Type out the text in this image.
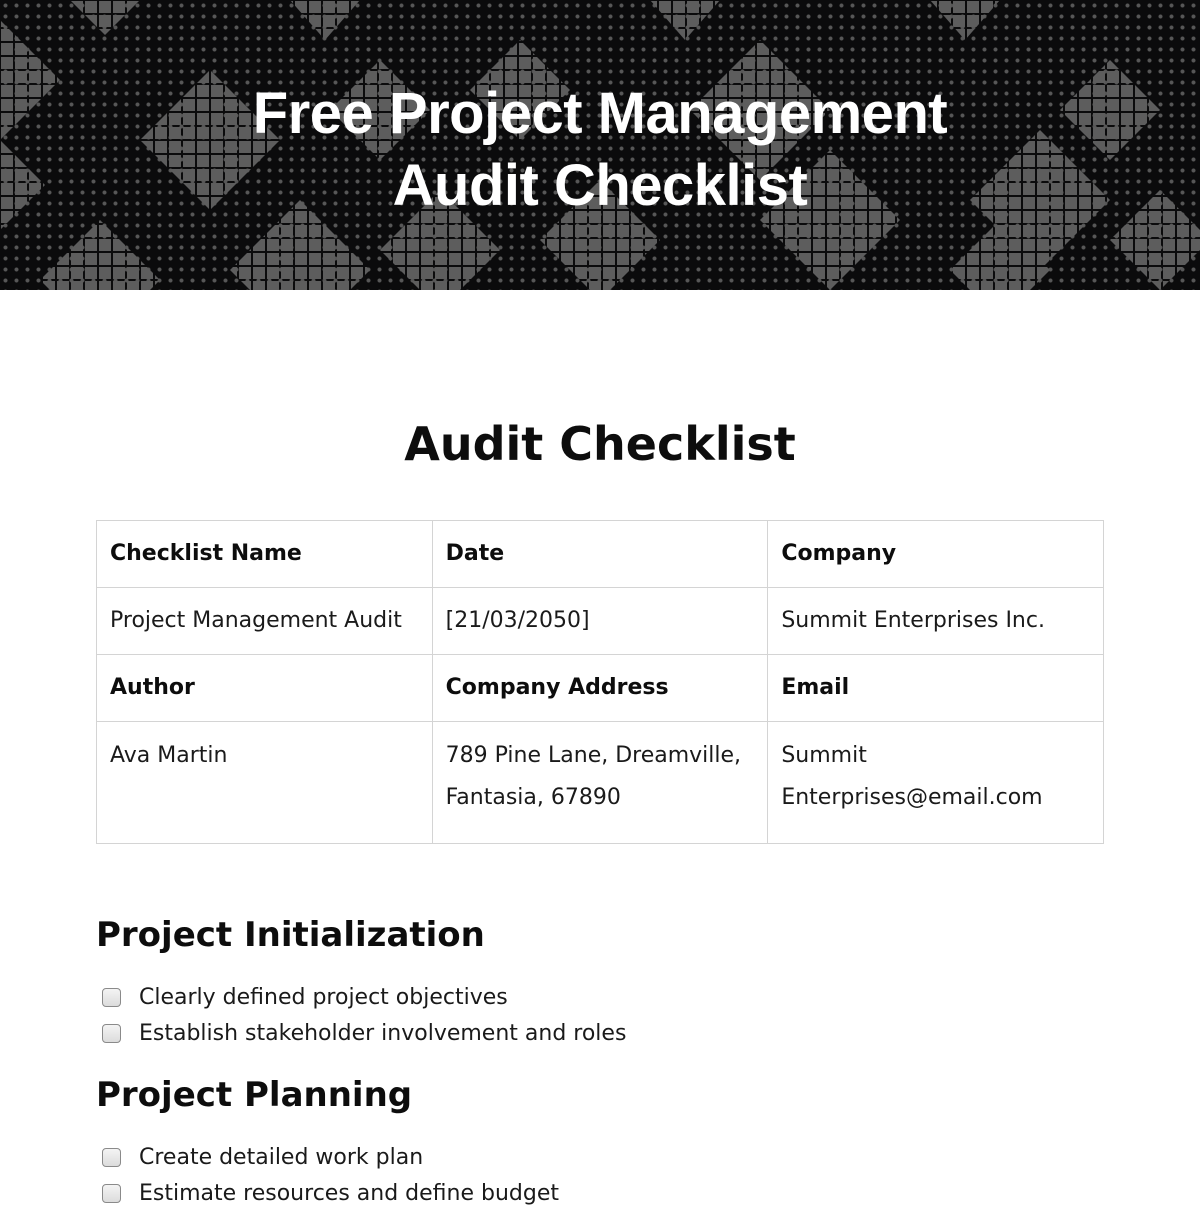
Free Project Management
Audit Checklist
Audit Checklist
Checklist Name	Date	Company
Project Management Audit	[21/03/2050]	Summit Enterprises Inc.
Author	Company Address	Email
Ava Martin	789 Pine Lane, Dreamville, Fantasia, 67890	Summit Enterprises@email.com
Project Initialization
Clearly defined project objectives
Establish stakeholder involvement and roles
Project Planning
Create detailed work plan
Estimate resources and define budget
